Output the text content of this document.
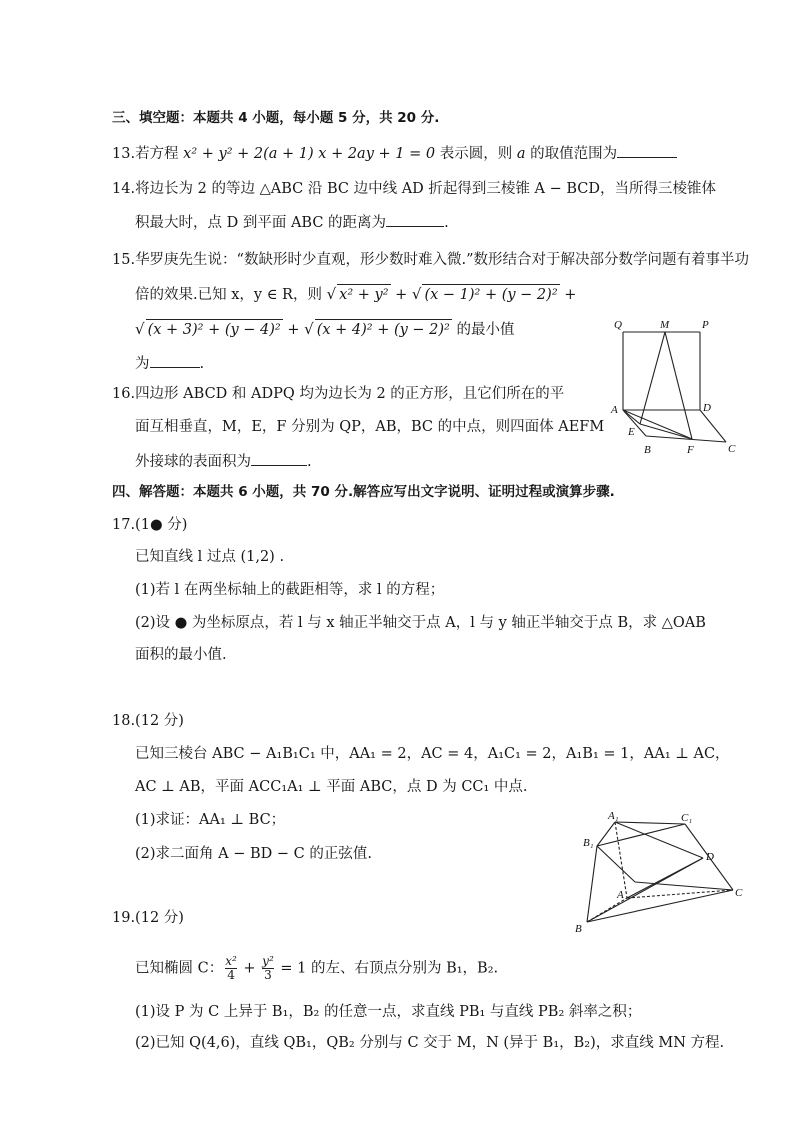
三、填空题：本题共 4 小题，每小题 5 分，共 20 分.
13.若方程 x² + y² + 2(a + 1) x + 2ay + 1 = 0 表示圆，则 a 的取值范围为
14.将边长为 2 的等边 △ABC 沿 BC 边中线 AD 折起得到三棱锥 A − BCD，当所得三棱锥体
积最大时，点 D 到平面 ABC 的距离为	.
15.华罗庚先生说：“数缺形时少直观，形少数时难入微.”数形结合对于解决部分数学问题有着事半功
倍的效果.已知 x，y ∈ R，则 √ x² + y² + √ (x − 1)² + (y − 2)² +
√ (x + 3)² + (y − 4)² + √ (x + 4)² + (y − 2)² 的最小值
为	.
16.四边形 ABCD 和 ADPQ 均为边长为 2 的正方形，且它们所在的平
面互相垂直，M，E，F 分别为 QP，AB，BC 的中点，则四面体 AEFM
外接球的表面积为	.
Q	M	P
A	D
E
B	F	C
四、解答题：本题共 6 小题，共 70 分.解答应写出文字说明、证明过程或演算步骤.
17.(1● 分)
已知直线 l 过点 (1,2) .
(1)若 l 在两坐标轴上的截距相等，求 l 的方程；
(2)设 ● 为坐标原点，若 l 与 x 轴正半轴交于点 A，l 与 y 轴正半轴交于点 B，求 △OAB
面积的最小值.
18.(12 分)
已知三棱台 ABC − A₁B₁C₁ 中，AA₁ = 2，AC = 4，A₁C₁ = 2，A₁B₁ = 1，AA₁ ⊥ AC，
AC ⊥ AB，平面 ACC₁A₁ ⊥ 平面 ABC，点 D 为 CC₁ 中点.
(1)求证：AA₁ ⊥ BC；
(2)求二面角 A − BD − C 的正弦值.
A₁	C₁
B₁
D
A	C
B
19.(12 分)
已知椭圆 C： $\frac{\text{x²}}{4} + \frac{\text{y²}}{3} = 1$ 的左、右顶点分别为 B₁，B₂.
(1)设 P 为 C 上异于 B₁，B₂ 的任意一点，求直线 PB₁ 与直线 PB₂ 斜率之积；
(2)已知 Q(4,6)，直线 QB₁，QB₂ 分别与 C 交于 M，N (异于 B₁，B₂)，求直线 MN 方程.
